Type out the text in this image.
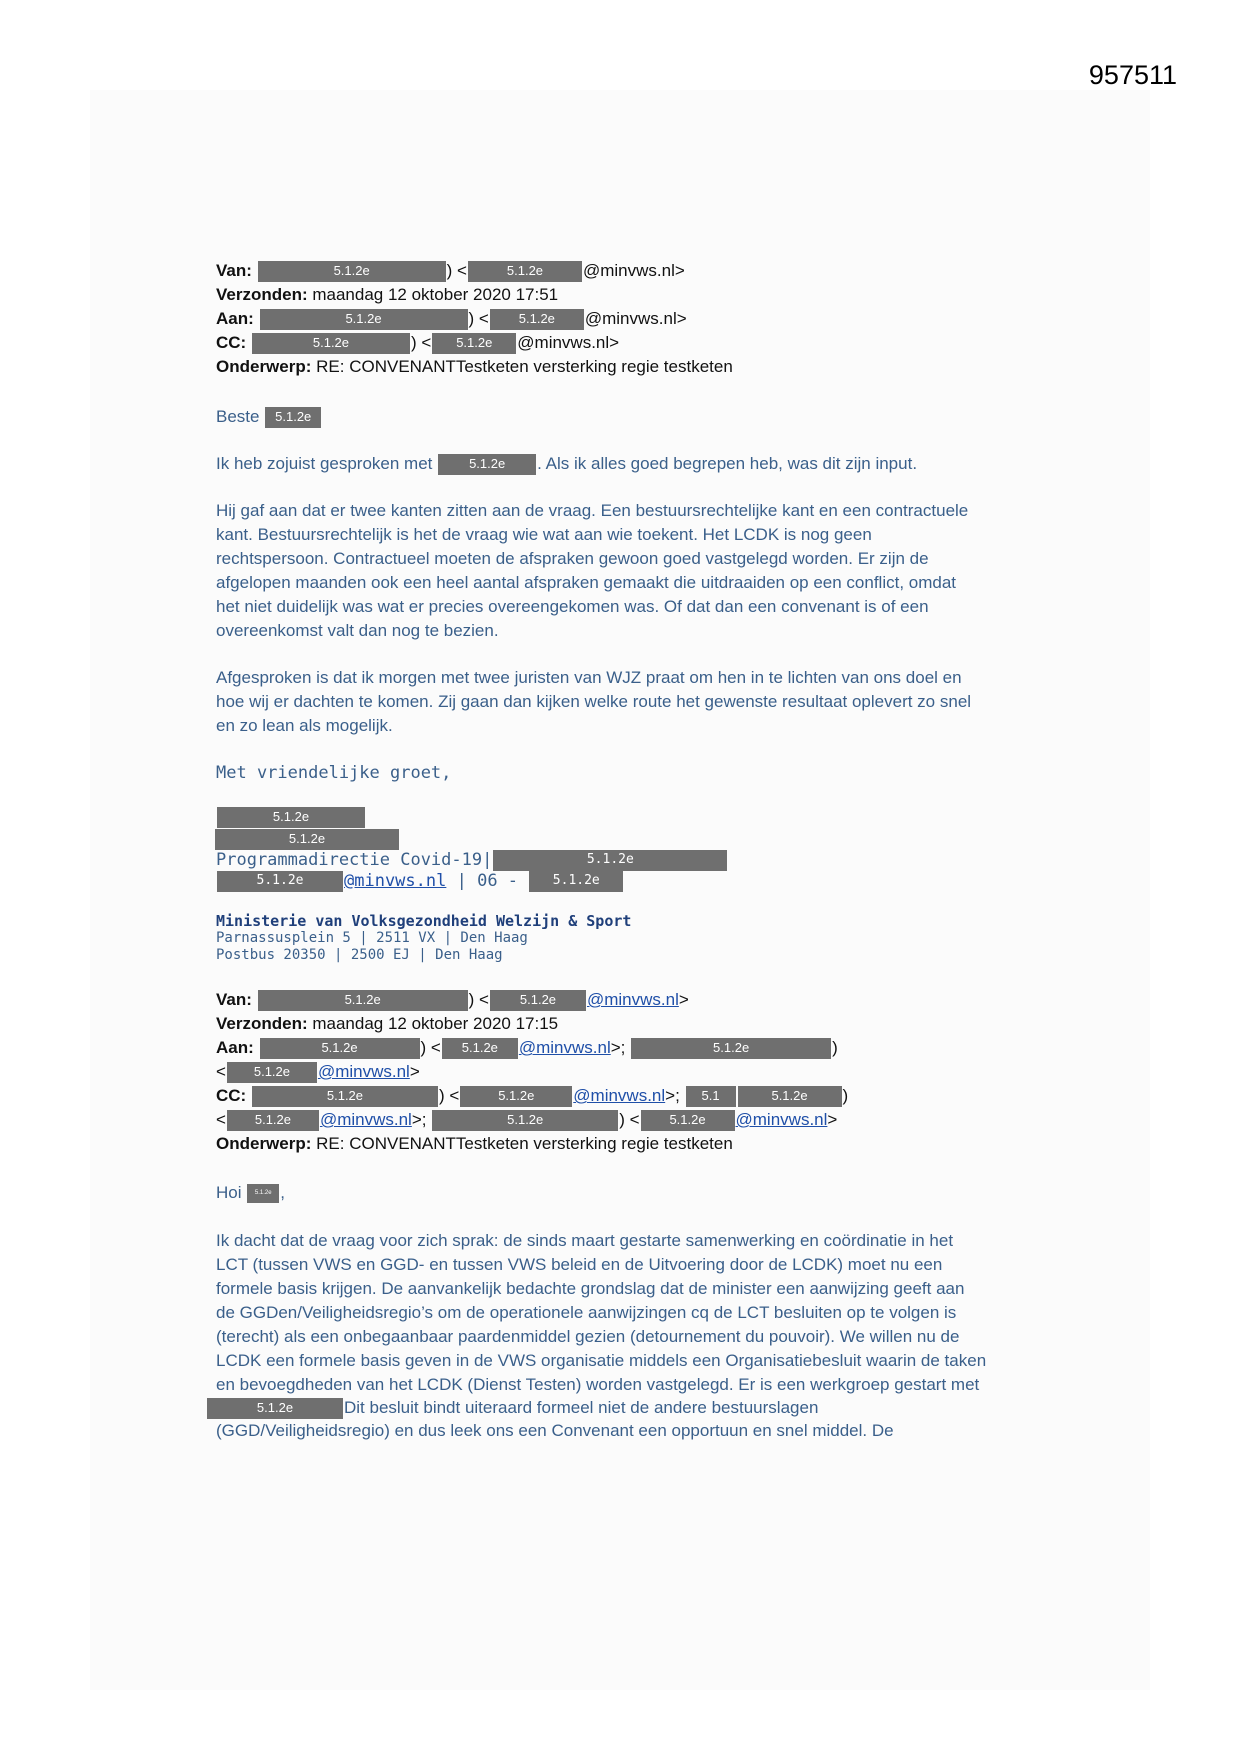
957511
Van:	5.1.2e	) <	5.1.2e @minvws.nl>
Verzonden: maandag 12 oktober 2020 17:51
Aan:	5.1.2e	) < 5.1.2e @minvws.nl>
CC:	5.1.2e	) < 5.1.2e @minvws.nl>
Onderwerp: RE: CONVENANTTestketen versterking regie testketen
Beste 5.1.2e
Ik heb zojuist gesproken met	5.1.2e . Als ik alles goed begrepen heb, was dit zijn input.
Hij gaf aan dat er twee kanten zitten aan de vraag. Een bestuursrechtelijke kant en een contractuele
kant. Bestuursrechtelijk is het de vraag wie wat aan wie toekent. Het LCDK is nog geen
rechtspersoon. Contractueel moeten de afspraken gewoon goed vastgelegd worden. Er zijn de
afgelopen maanden ook een heel aantal afspraken gemaakt die uitdraaiden op een conflict, omdat
het niet duidelijk was wat er precies overeengekomen was. Of dat dan een convenant is of een
overeenkomst valt dan nog te bezien.
Afgesproken is dat ik morgen met twee juristen van WJZ praat om hen in te lichten van ons doel en
hoe wij er dachten te komen. Zij gaan dan kijken welke route het gewenste resultaat oplevert zo snel
en zo lean als mogelijk.
Met vriendelijke groet,
5.1.2e
5.1.2e
Programmadirectie Covid-19|	5.1.2e
5.1.2e @minvws.nl | 06 -	5.1.2e
Ministerie van Volksgezondheid Welzijn & Sport
Parnassusplein 5 | 2511 VX | Den Haag
Postbus 20350 | 2500 EJ | Den Haag
Van:	5.1.2e	) < 5.1.2e @minvws.nl>
Verzonden: maandag 12 oktober 2020 17:15
Aan:	5.1.2e	) < 5.1.2e @minvws.nl>;	5.1.2e	)
< 5.1.2e @minvws.nl>
CC:	5.1.2e	) <	5.1.2e @minvws.nl>; 5.1	5.1.2e )
< 5.1.2e @minvws.nl>;	5.1.2e	) < 5.1.2e @minvws.nl>
Onderwerp: RE: CONVENANTTestketen versterking regie testketen
Hoi 5.1.2e ,
Ik dacht dat de vraag voor zich sprak: de sinds maart gestarte samenwerking en coördinatie in het
LCT (tussen VWS en GGD- en tussen VWS beleid en de Uitvoering door de LCDK) moet nu een
formele basis krijgen. De aanvankelijk bedachte grondslag dat de minister een aanwijzing geeft aan
de GGDen/Veiligheidsregio’s om de operationele aanwijzingen cq de LCT besluiten op te volgen is
(terecht) als een onbegaanbaar paardenmiddel gezien (detournement du pouvoir). We willen nu de
LCDK een formele basis geven in de VWS organisatie middels een Organisatiebesluit waarin de taken
en bevoegdheden van het LCDK (Dienst Testen) worden vastgelegd. Er is een werkgroep gestart met
5.1.2e	Dit besluit bindt uiteraard formeel niet de andere bestuurslagen
(GGD/Veiligheidsregio) en dus leek ons een Convenant een opportuun en snel middel. De
